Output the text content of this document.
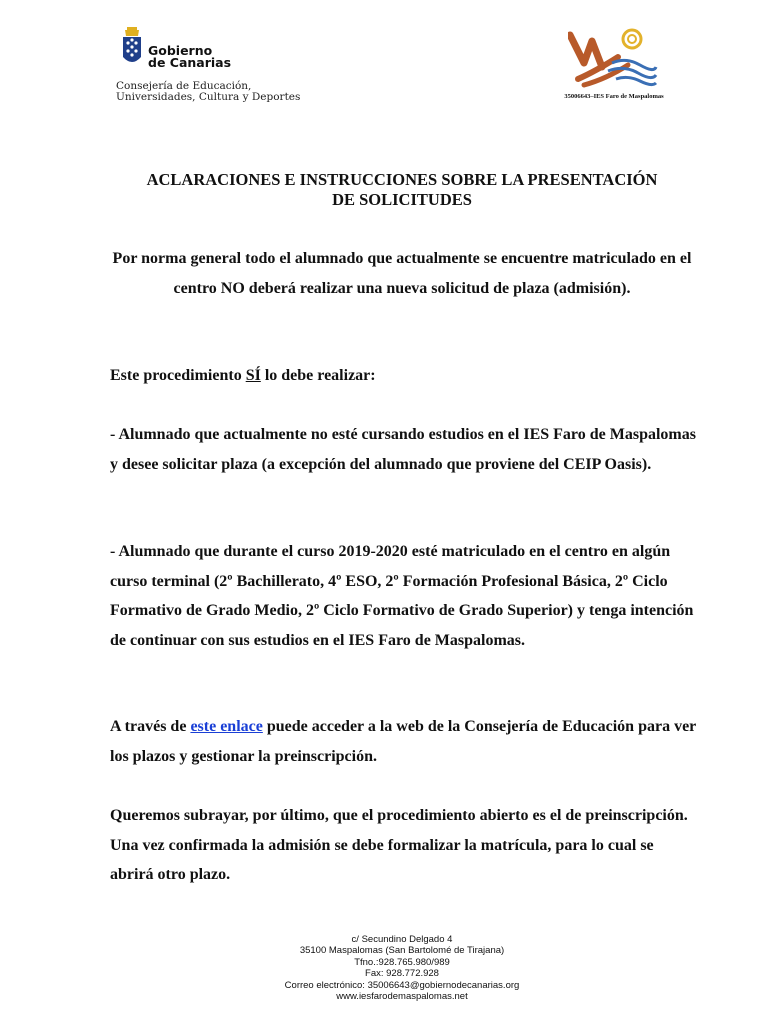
Gobierno
de Canarias
Consejería de Educación,
Universidades, Cultura y Deportes	35006643–IES Faro de Maspalomas
ACLARACIONES E INSTRUCCIONES SOBRE LA PRESENTACIÓN
DE SOLICITUDES

Por norma general todo el alumnado que actualmente se encuentre matriculado en el centro NO deberá realizar una nueva solicitud de plaza (admisión).

Este procedimiento SÍ lo debe realizar:

- Alumnado que actualmente no esté cursando estudios en el IES Faro de Maspalomas y desee solicitar plaza (a excepción del alumnado que proviene del CEIP Oasis).

- Alumnado que durante el curso 2019-2020 esté matriculado en el centro en algún curso terminal (2º Bachillerato, 4º ESO, 2º Formación Profesional Básica, 2º Ciclo Formativo de Grado Medio, 2º Ciclo Formativo de Grado Superior) y tenga intención de continuar con sus estudios en el IES Faro de Maspalomas.

A través de este enlace puede acceder a la web de la Consejería de Educación para ver los plazos y gestionar la preinscripción.

Queremos subrayar, por último, que el procedimiento abierto es el de preinscripción. Una vez confirmada la admisión se debe formalizar la matrícula, para lo cual se abrirá otro plazo.

c/ Secundino Delgado 4
35100 Maspalomas (San Bartolomé de Tirajana)
Tfno.:928.765.980/989
Fax: 928.772.928
Correo electrónico: 35006643@gobiernodecanarias.org
www.iesfarodemaspalomas.net
